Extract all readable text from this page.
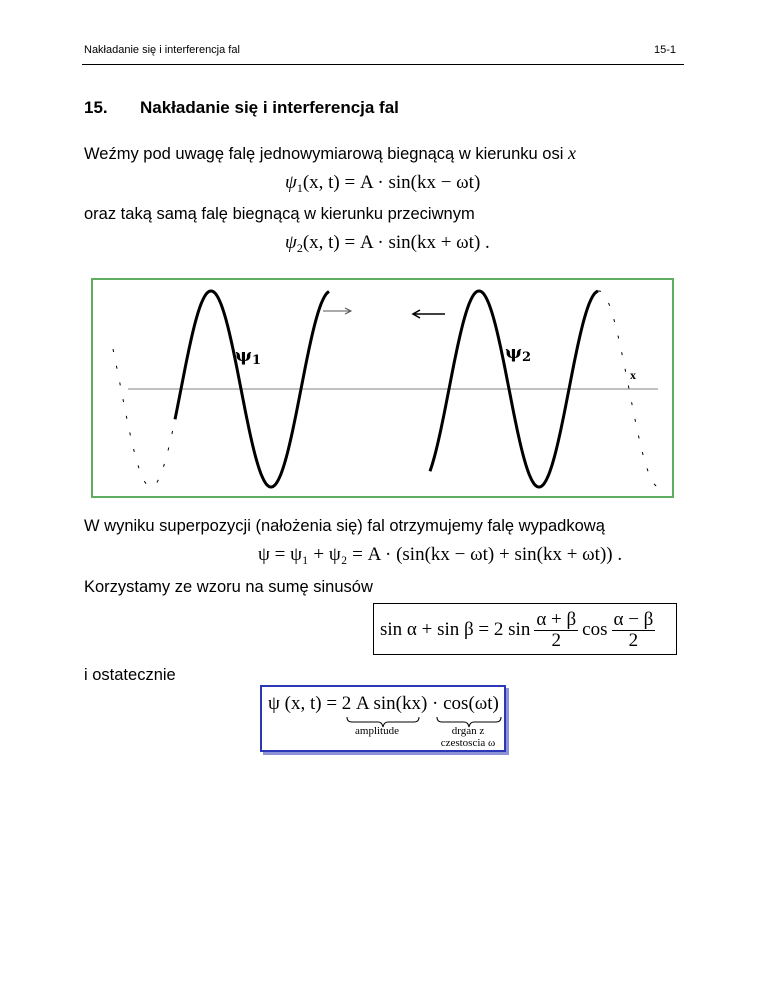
Nakładanie się i interferencja fal	15-1
15. Nakładanie się i interferencja fal
Weźmy pod uwagę falę jednowymiarową biegnącą w kierunku osi x
$\psi_1(x$, t) = A · sin(kx − ωt)
oraz taką samą falę biegnącą w kierunku przeciwnym
$\psi_2(x$, t) = A · sin(kx + ωt) .
ψ1	ψ2
x
W wyniku superpozycji (nałożenia się) fal otrzymujemy falę wypadkową
ψ = ψ₁ + ψ₂ = A · (sin(kx − ωt) + sin(kx + ωt)) .
Korzystamy ze wzoru na sumę sinusów
sin α + sin β = 2 $\sin \frac{\alpha + \beta}{2}$ $\cos \frac{\alpha - \beta}{2}$
i ostatecznie
ψ (x, t) = 2 A sin(kx) · cos(ωt)
amplitude	drgan z
czestoscia ω
